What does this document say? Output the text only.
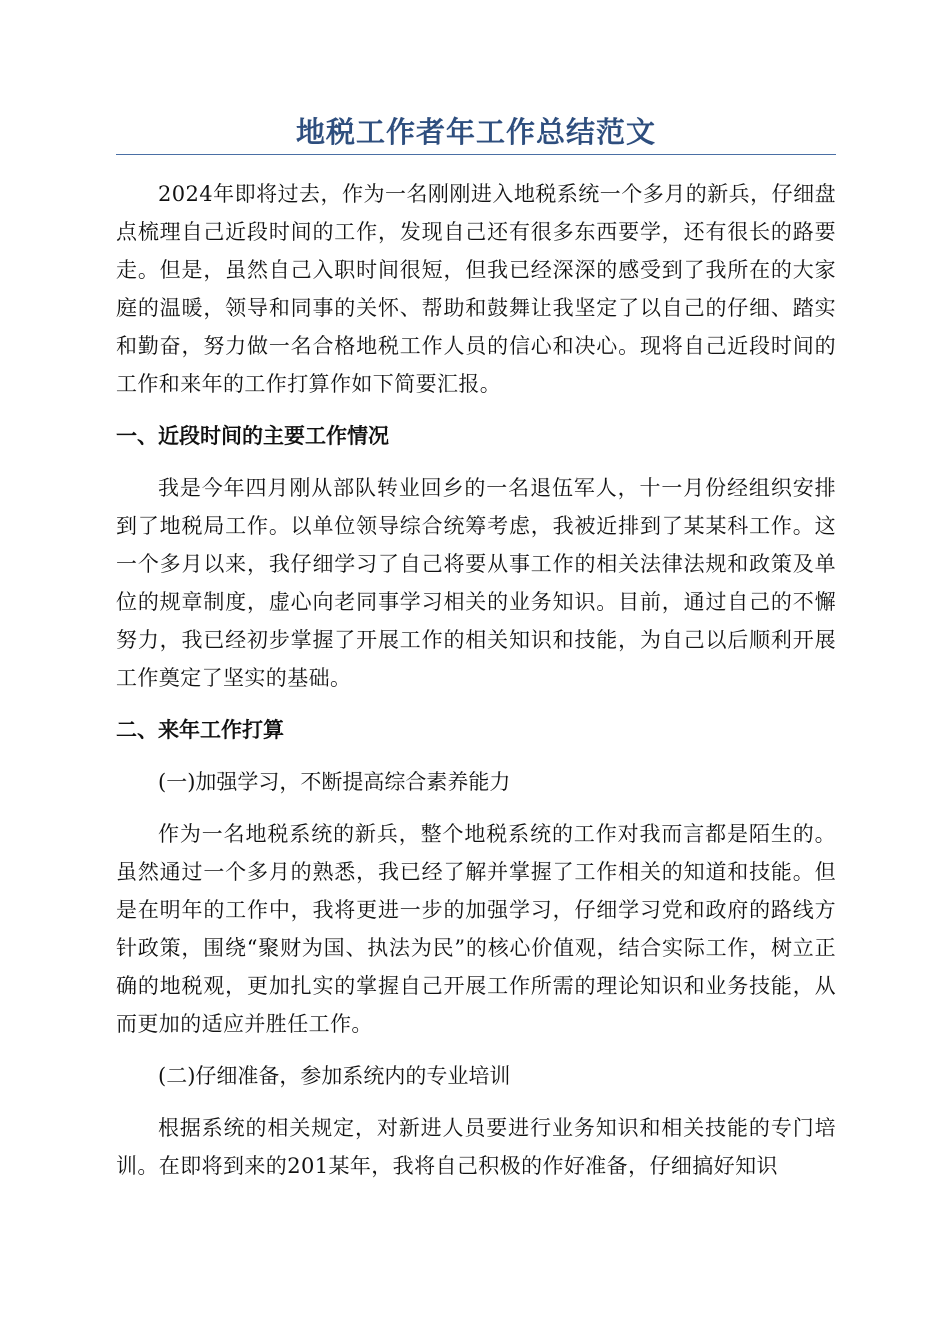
地税工作者年工作总结范文

2024年即将过去，作为一名刚刚进入地税系统一个多月的新兵，仔细盘点梳理自己近段时间的工作，发现自己还有很多东西要学，还有很长的路要走。但是，虽然自己入职时间很短，但我已经深深的感受到了我所在的大家庭的温暖，领导和同事的关怀、帮助和鼓舞让我坚定了以自己的仔细、踏实和勤奋，努力做一名合格地税工作人员的信心和决心。现将自己近段时间的工作和来年的工作打算作如下简要汇报。

一、近段时间的主要工作情况

我是今年四月刚从部队转业回乡的一名退伍军人，十一月份经组织安排到了地税局工作。以单位领导综合统筹考虑，我被近排到了某某科工作。这一个多月以来，我仔细学习了自己将要从事工作的相关法律法规和政策及单位的规章制度，虚心向老同事学习相关的业务知识。目前，通过自己的不懈努力，我已经初步掌握了开展工作的相关知识和技能，为自己以后顺利开展工作奠定了坚实的基础。

二、来年工作打算

(一)加强学习，不断提高综合素养能力

作为一名地税系统的新兵，整个地税系统的工作对我而言都是陌生的。虽然通过一个多月的熟悉，我已经了解并掌握了工作相关的知道和技能。但是在明年的工作中，我将更进一步的加强学习，仔细学习党和政府的路线方针政策，围绕“聚财为国、执法为民”的核心价值观，结合实际工作，树立正确的地税观，更加扎实的掌握自己开展工作所需的理论知识和业务技能，从而更加的适应并胜任工作。

(二)仔细准备，参加系统内的专业培训

根据系统的相关规定，对新进人员要进行业务知识和相关技能的专门培训。在即将到来的201某年，我将自己积极的作好准备，仔细搞好知识
